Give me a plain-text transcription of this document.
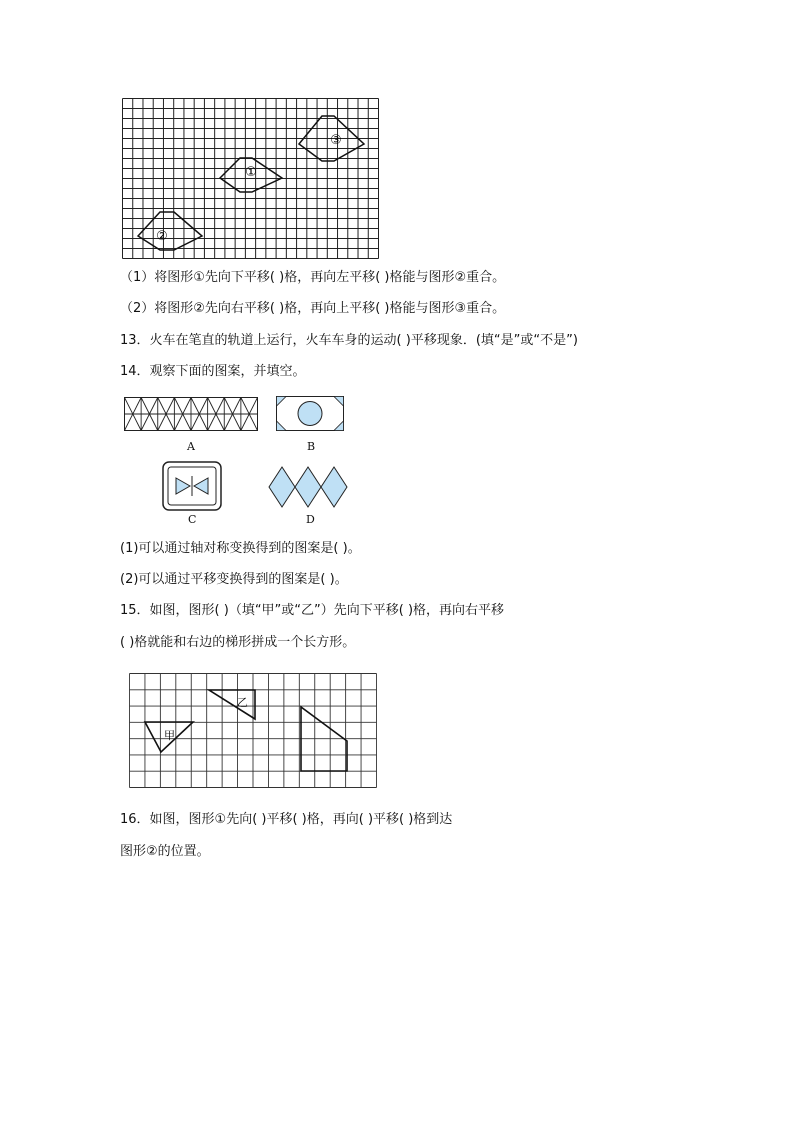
①
②
③
（1）将图形①先向下平移( )格，再向左平移( )格能与图形②重合。
（2）将图形②先向右平移( )格，再向上平移( )格能与图形③重合。
13．火车在笔直的轨道上运行，火车车身的运动( )平移现象．(填“是”或“不是”)
14．观察下面的图案，并填空。
A	B
C	D
(1)可以通过轴对称变换得到的图案是( )。
(2)可以通过平移变换得到的图案是( )。
15．如图，图形( )（填“甲”或“乙”）先向下平移( )格，再向右平移
( )格就能和右边的梯形拼成一个长方形。
甲
乙
16．如图，图形①先向( )平移( )格，再向( )平移( )格到达
图形②的位置。
